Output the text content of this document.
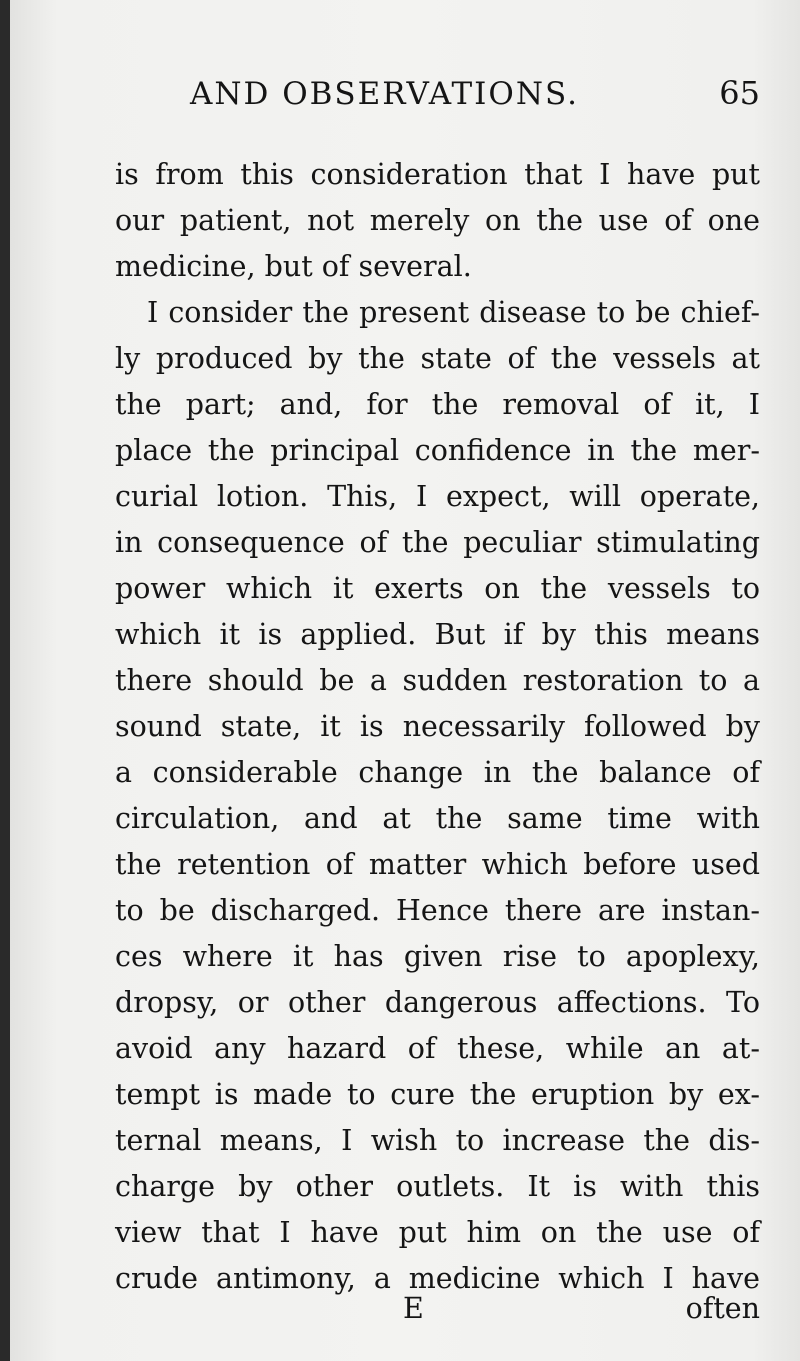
AND OBSERVATIONS.	65
is from this consideration that I have put
our patient, not merely on the use of one
medicine, but of several.
I consider the present disease to be chief-
ly produced by the state of the vessels at
the part; and, for the removal of it, I
place the principal confidence in the mer-
curial lotion. This, I expect, will operate,
in consequence of the peculiar stimulating
power which it exerts on the vessels to
which it is applied. But if by this means
there should be a sudden restoration to a
sound state, it is necessarily followed by
a considerable change in the balance of
circulation, and at the same time with
the retention of matter which before used
to be discharged. Hence there are instan-
ces where it has given rise to apoplexy,
dropsy, or other dangerous affections. To
avoid any hazard of these, while an at-
tempt is made to cure the eruption by ex-
ternal means, I wish to increase the dis-
charge by other outlets. It is with this
view that I have put him on the use of
crude antimony, a medicine which I have
E	often
